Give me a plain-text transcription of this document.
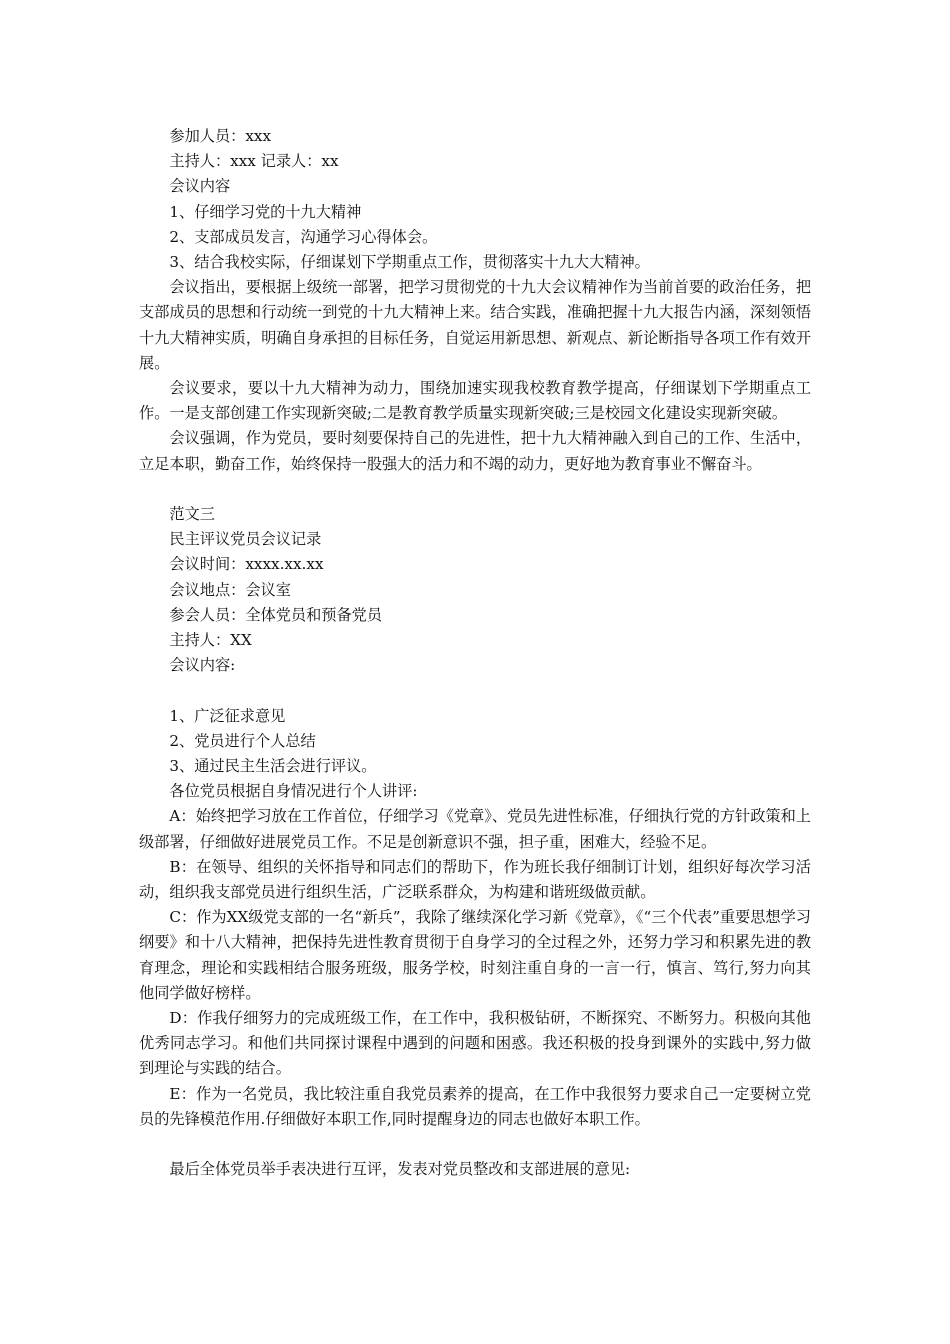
参加人员：xxx

主持人：xxx 记录人：xx

会议内容

1、仔细学习党的十九大精神

2、支部成员发言，沟通学习心得体会。

3、结合我校实际，仔细谋划下学期重点工作，贯彻落实十九大大精神。

会议指出，要根据上级统一部署，把学习贯彻党的十九大会议精神作为当前首要的政治任务，把支部成员的思想和行动统一到党的十九大精神上来。结合实践，准确把握十九大报告内涵，深刻领悟十九大精神实质，明确自身承担的目标任务，自觉运用新思想、新观点、新论断指导各项工作有效开展。

会议要求，要以十九大精神为动力，围绕加速实现我校教育教学提高，仔细谋划下学期重点工作。一是支部创建工作实现新突破;二是教育教学质量实现新突破;三是校园文化建设实现新突破。

会议强调，作为党员，要时刻要保持自己的先进性，把十九大精神融入到自己的工作、生活中，立足本职，勤奋工作，始终保持一股强大的活力和不竭的动力，更好地为教育事业不懈奋斗。

范文三

民主评议党员会议记录

会议时间：xxxx.xx.xx

会议地点：会议室

参会人员：全体党员和预备党员

主持人：XX

会议内容:

1、广泛征求意见

2、党员进行个人总结

3、通过民主生活会进行评议。

各位党员根据自身情况进行个人讲评:

A：始终把学习放在工作首位，仔细学习《党章》、党员先进性标准，仔细执行党的方针政策和上级部署，仔细做好进展党员工作。不足是创新意识不强，担子重，困难大，经验不足。

B：在领导、组织的关怀指导和同志们的帮助下，作为班长我仔细制订计划，组织好每次学习活动，组织我支部党员进行组织生活，广泛联系群众，为构建和谐班级做贡献。

C：作为XX级党支部的一名“新兵”，我除了继续深化学习新《党章》，《“三个代表”重要思想学习纲要》和十八大精神，把保持先进性教育贯彻于自身学习的全过程之外，还努力学习和积累先进的教育理念，理论和实践相结合服务班级，服务学校，时刻注重自身的一言一行，慎言、笃行,努力向其他同学做好榜样。

D：作我仔细努力的完成班级工作，在工作中，我积极钻研，不断探究、不断努力。积极向其他优秀同志学习。和他们共同探讨课程中遇到的问题和困惑。我还积极的投身到课外的实践中,努力做到理论与实践的结合。

E：作为一名党员，我比较注重自我党员素养的提高，在工作中我很努力要求自己一定要树立党员的先锋模范作用.仔细做好本职工作,同时提醒身边的同志也做好本职工作。

最后全体党员举手表决进行互评，发表对党员整改和支部进展的意见:
